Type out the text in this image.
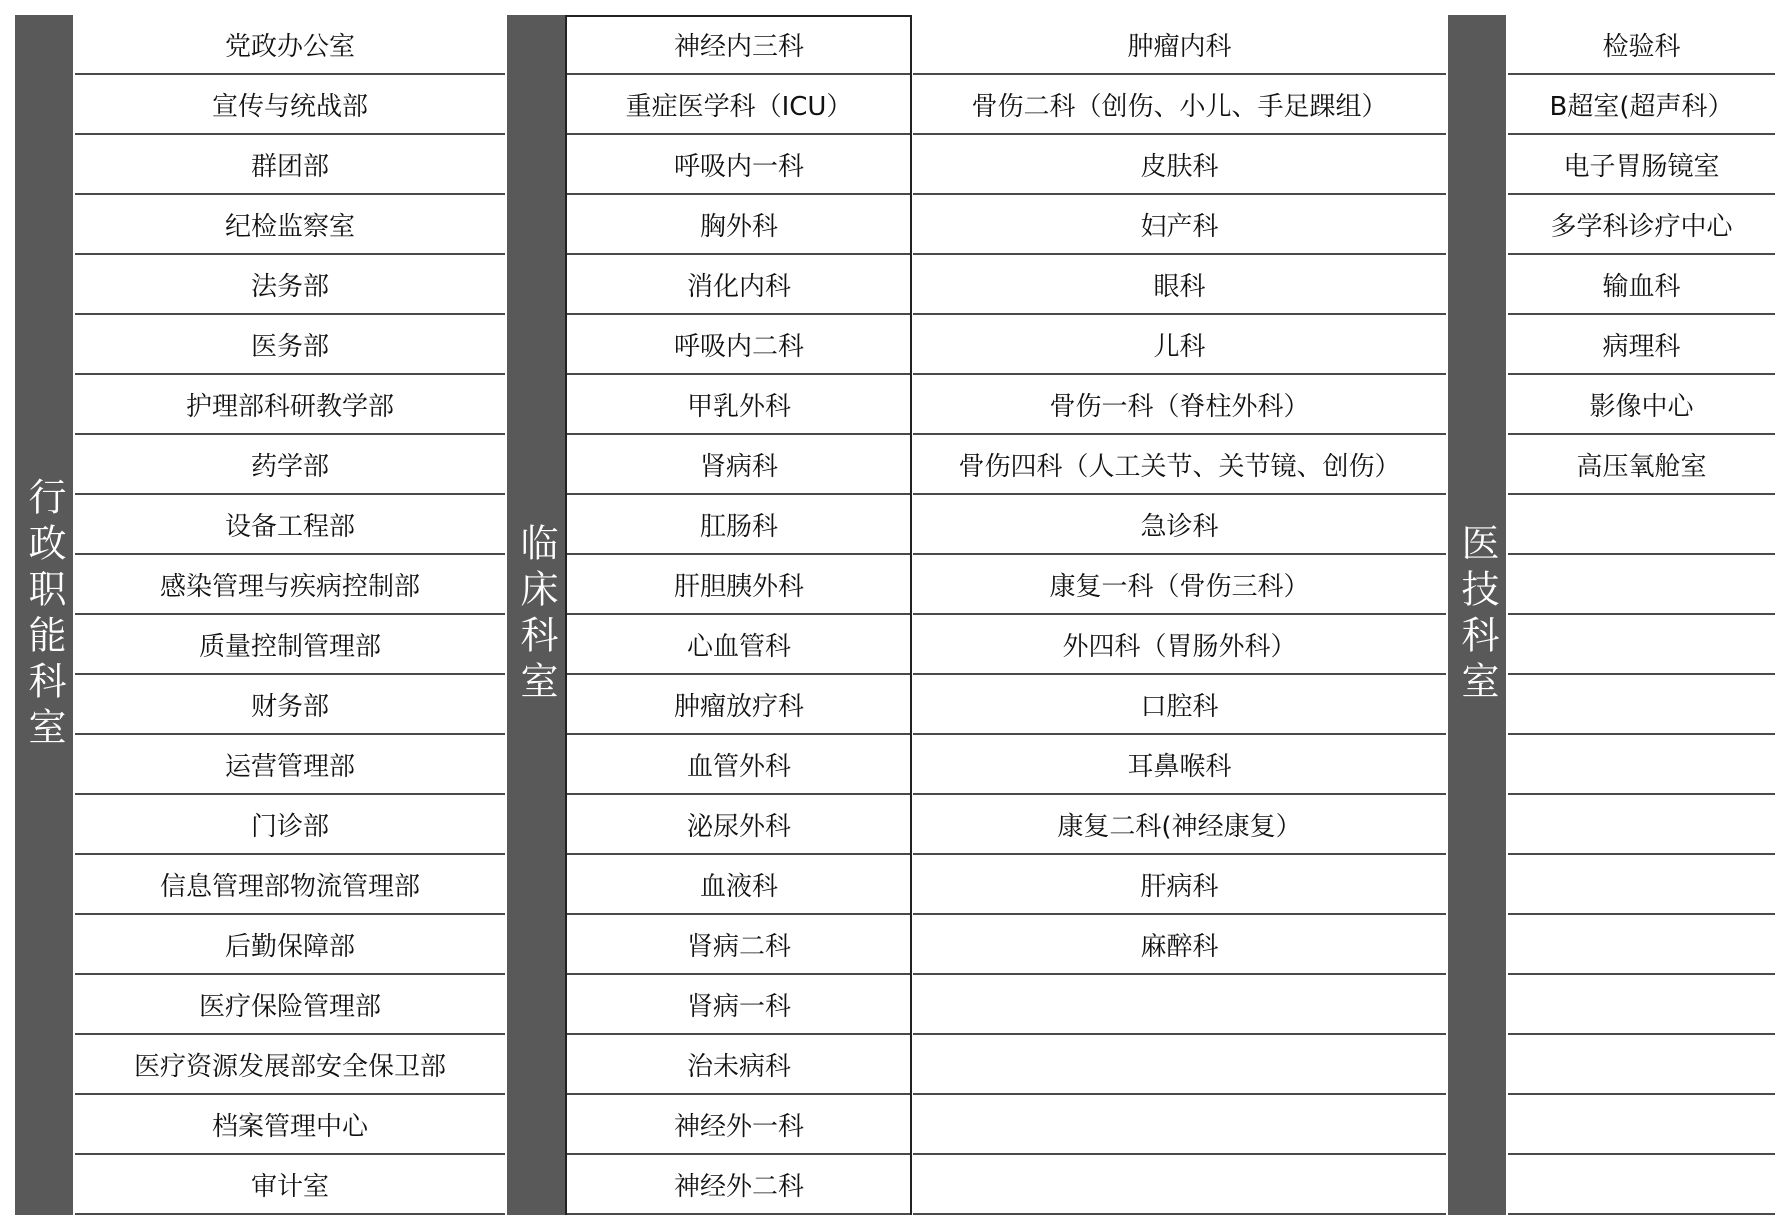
行政职能科室	临床科室	医技科室
党政办公室
宣传与统战部
群团部
纪检监察室
法务部
医务部
护理部科研教学部
药学部
设备工程部
感染管理与疾病控制部
质量控制管理部
财务部
运营管理部
门诊部
信息管理部物流管理部
后勤保障部
医疗保险管理部
医疗资源发展部安全保卫部
档案管理中心
审计室
神经内三科
重症医学科（ICU）
呼吸内一科
胸外科
消化内科
呼吸内二科
甲乳外科
肾病科
肛肠科
肝胆胰外科
心血管科
肿瘤放疗科
血管外科
泌尿外科
血液科
肾病二科
肾病一科
治未病科
神经外一科
神经外二科
肿瘤内科
骨伤二科（创伤、小儿、手足踝组）
皮肤科
妇产科
眼科
儿科
骨伤一科（脊柱外科）
骨伤四科（人工关节、关节镜、创伤）
急诊科
康复一科（骨伤三科）
外四科（胃肠外科）
口腔科
耳鼻喉科
康复二科(神经康复）
肝病科
麻醉科
检验科
B超室(超声科）
电子胃肠镜室
多学科诊疗中心
输血科
病理科
影像中心
高压氧舱室
